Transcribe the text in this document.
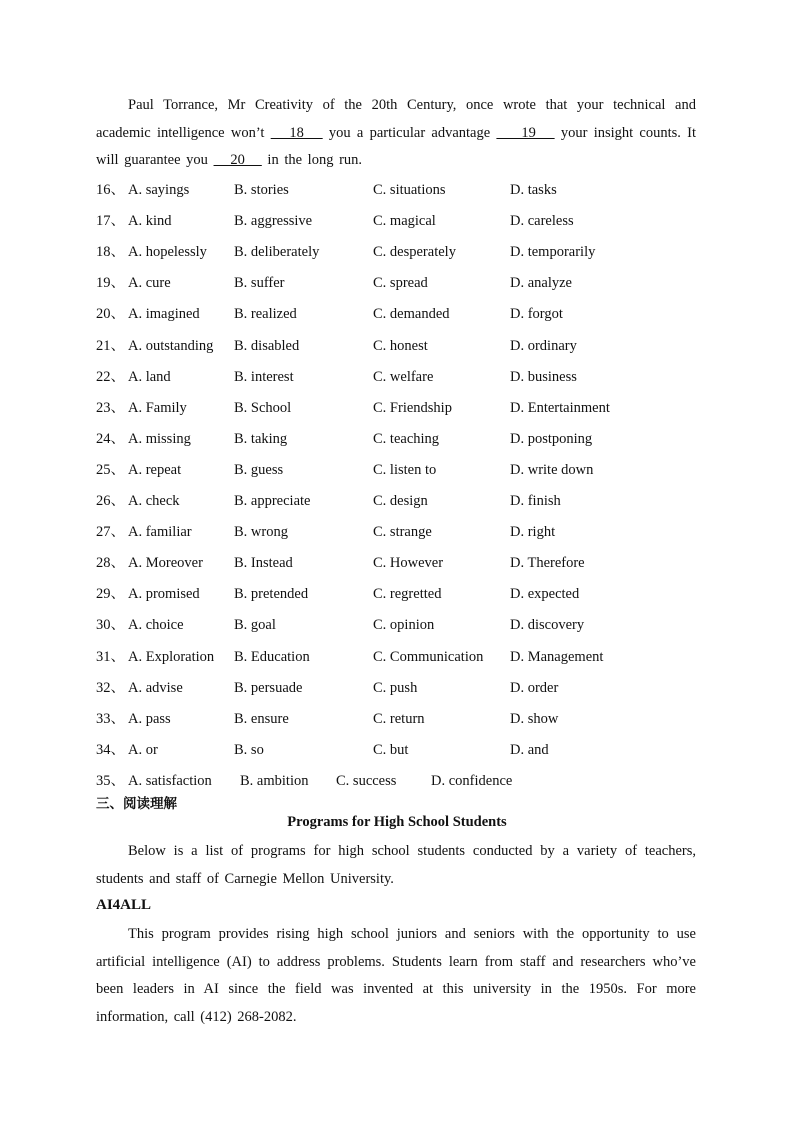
Paul Torrance, Mr Creativity of the 20th Century, once wrote that your technical and academic intelligence won’t    18    you a particular advantage     19    your insight counts. It will guarantee you    20    in the long run.
16、 A. sayings	B. stories	C. situations	D. tasks
17、 A. kind	B. aggressive	C. magical	D. careless
18、 A. hopelessly B. deliberately	C. desperately	D. temporarily
19、 A. cure	B. suffer	C. spread	D. analyze
20、 A. imagined B. realized	C. demanded	D. forgot
21、 A. outstanding B. disabled	C. honest	D. ordinary
22、 A. land	B. interest	C. welfare	D. business
23、 A. Family	B. School	C. Friendship	D. Entertainment
24、 A. missing	B. taking	C. teaching	D. postponing
25、 A. repeat	B. guess	C. listen to	D. write down
26、 A. check	B. appreciate	C. design	D. finish
27、 A. familiar	B. wrong	C. strange	D. right
28、 A. Moreover B. Instead	C. However	D. Therefore
29、 A. promised B. pretended	C. regretted	D. expected
30、 A. choice	B. goal	C. opinion	D. discovery
31、 A. Exploration B. Education	C. Communication D. Management
32、 A. advise	B. persuade	C. push	D. order
33、 A. pass	B. ensure	C. return	D. show
34、 A. or	B. so	C. but	D. and
35、 A. satisfaction B. ambition C. success D. confidence
三、阅读理解
Programs for High School Students
Below is a list of programs for high school students conducted by a variety of teachers, students and staff of Carnegie Mellon University.
AI4ALL
This program provides rising high school juniors and seniors with the opportunity to use artificial intelligence (AI) to address problems. Students learn from staff and researchers who’ve been leaders in AI since the field was invented at this university in the 1950s. For more information, call (412) 268-2082.
